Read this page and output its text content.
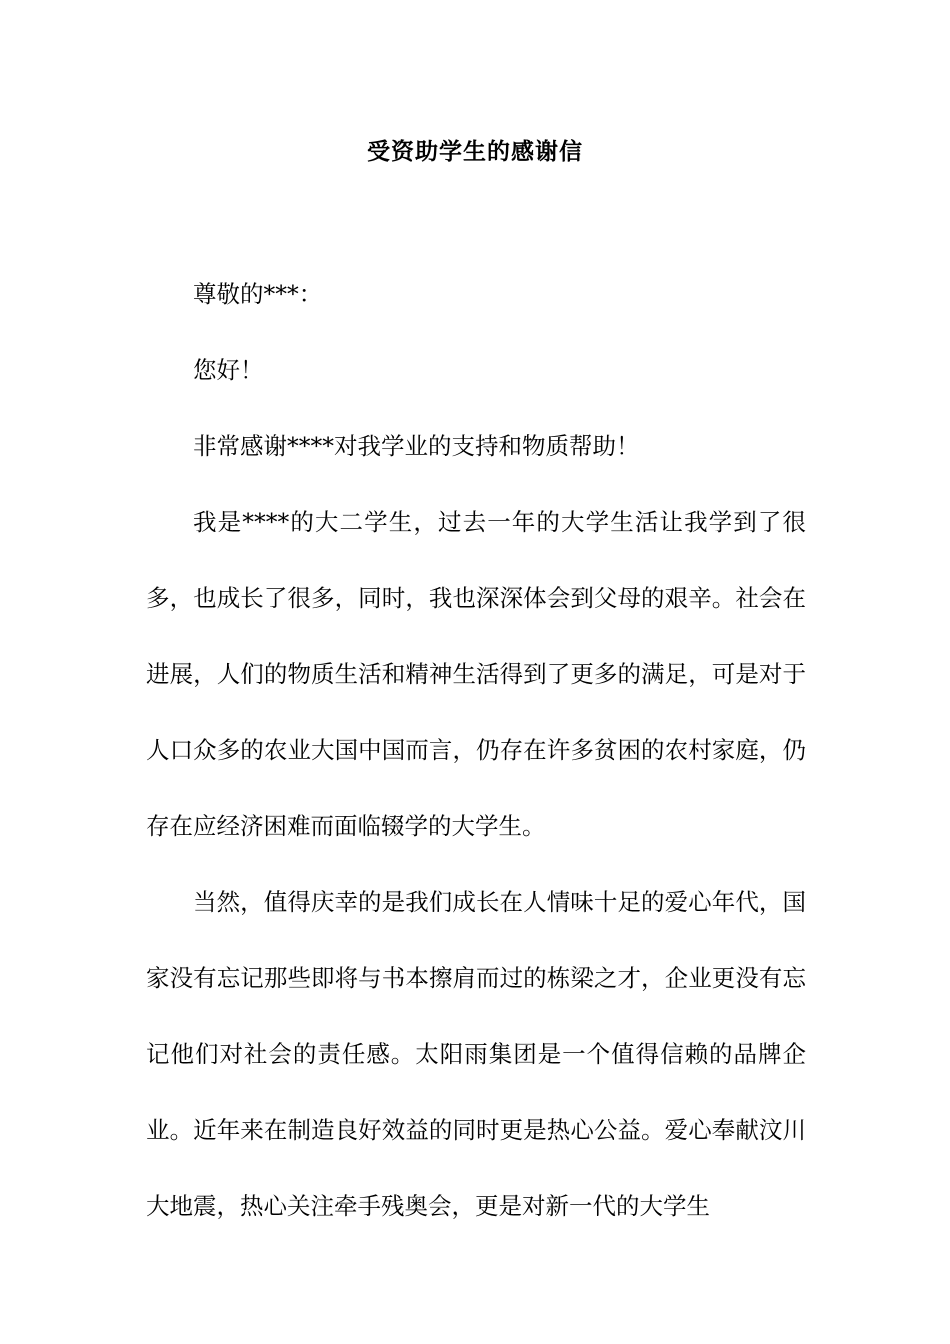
受资助学生的感谢信

尊敬的***：

您好！

非常感谢****对我学业的支持和物质帮助！

我是****的大二学生，过去一年的大学生活让我学到了很多，也成长了很多，同时，我也深深体会到父母的艰辛。社会在进展，人们的物质生活和精神生活得到了更多的满足，可是对于人口众多的农业大国中国而言，仍存在许多贫困的农村家庭，仍存在应经济困难而面临辍学的大学生。

当然，值得庆幸的是我们成长在人情味十足的爱心年代，国家没有忘记那些即将与书本擦肩而过的栋梁之才，企业更没有忘记他们对社会的责任感。太阳雨集团是一个值得信赖的品牌企业。近年来在制造良好效益的同时更是热心公益。爱心奉献汶川大地震，热心关注牵手残奥会，更是对新一代的大学生
